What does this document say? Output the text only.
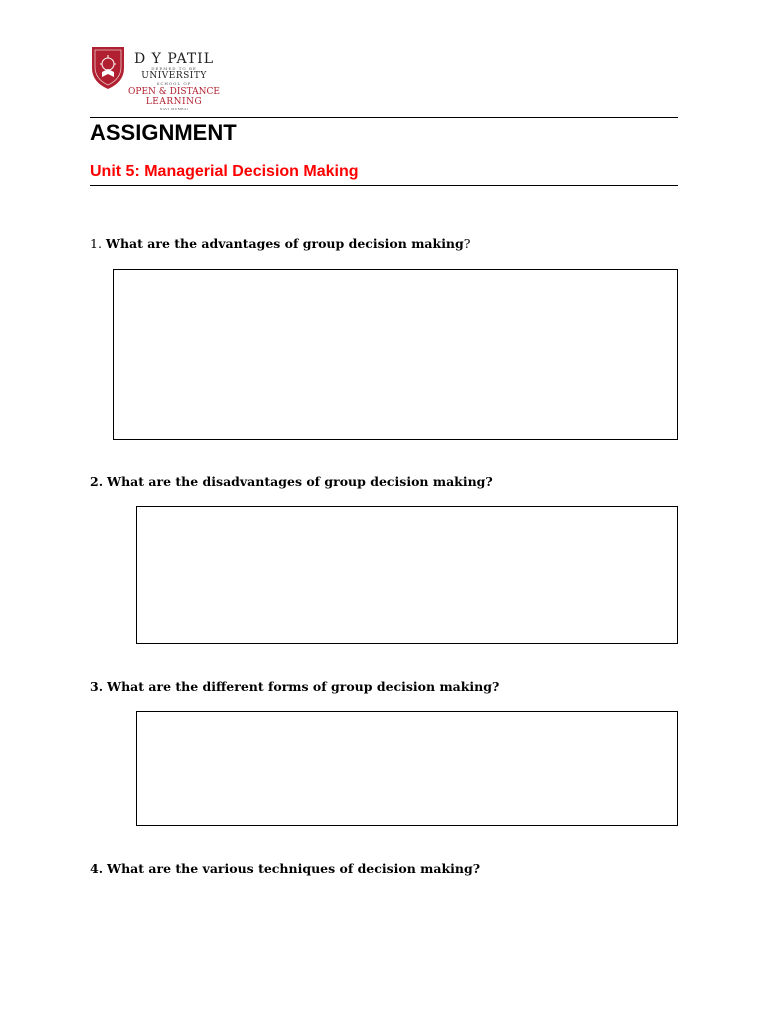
D Y PATIL
DEEMED TO BE
UNIVERSITY
SCHOOL OF
OPEN & DISTANCE
LEARNING
NAVI MUMBAI
ASSIGNMENT
Unit 5: Managerial Decision Making
1. What are the advantages of group decision making?
2. What are the disadvantages of group decision making?
3. What are the different forms of group decision making?
4. What are the various techniques of decision making?
